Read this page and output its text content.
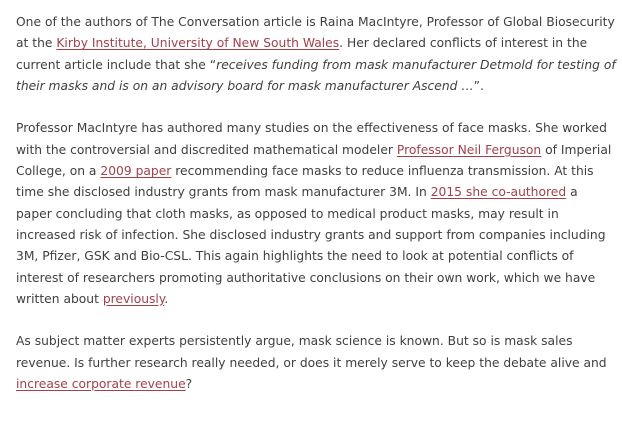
One of the authors of The Conversation article is Raina MacIntyre, Professor of Global Biosecurity at the Kirby Institute, University of New South Wales. Her declared conflicts of interest in the current article include that she “receives funding from mask manufacturer Detmold for testing of their masks and is on an advisory board for mask manufacturer Ascend …”.

Professor MacIntyre has authored many studies on the effectiveness of face masks. She worked with the controversial and discredited mathematical modeler Professor Neil Ferguson of Imperial College, on a 2009 paper recommending face masks to reduce influenza transmission. At this time she disclosed industry grants from mask manufacturer 3M. In 2015 she co-authored a paper concluding that cloth masks, as opposed to medical product masks, may result in increased risk of infection. She disclosed industry grants and support from companies including 3M, Pfizer, GSK and Bio-CSL. This again highlights the need to look at potential conflicts of interest of researchers promoting authoritative conclusions on their own work, which we have written about previously.

As subject matter experts persistently argue, mask science is known. But so is mask sales revenue. Is further research really needed, or does it merely serve to keep the debate alive and increase corporate revenue?
